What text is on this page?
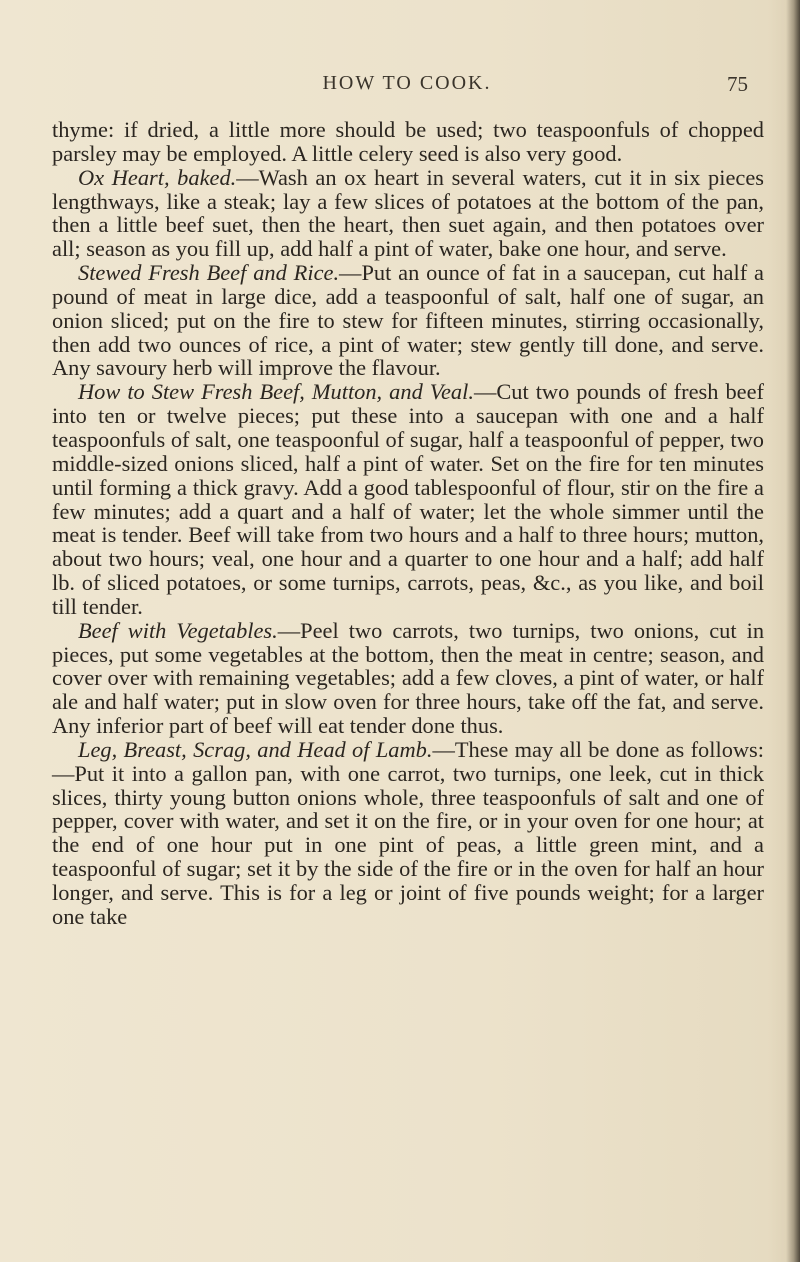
HOW TO COOK.	75

thyme: if dried, a little more should be used; two teaspoonfuls of chopped parsley may be employed. A little celery seed is also very good.

Ox Heart, baked.—Wash an ox heart in several waters, cut it in six pieces lengthways, like a steak; lay a few slices of potatoes at the bottom of the pan, then a little beef suet, then the heart, then suet again, and then potatoes over all; season as you fill up, add half a pint of water, bake one hour, and serve.

Stewed Fresh Beef and Rice.—Put an ounce of fat in a saucepan, cut half a pound of meat in large dice, add a teaspoonful of salt, half one of sugar, an onion sliced; put on the fire to stew for fifteen minutes, stirring occasionally, then add two ounces of rice, a pint of water; stew gently till done, and serve. Any savoury herb will improve the flavour.

How to Stew Fresh Beef, Mutton, and Veal.—Cut two pounds of fresh beef into ten or twelve pieces; put these into a saucepan with one and a half teaspoonfuls of salt, one teaspoonful of sugar, half a teaspoonful of pepper, two middle-sized onions sliced, half a pint of water. Set on the fire for ten minutes until forming a thick gravy. Add a good tablespoonful of flour, stir on the fire a few minutes; add a quart and a half of water; let the whole simmer until the meat is tender. Beef will take from two hours and a half to three hours; mutton, about two hours; veal, one hour and a quarter to one hour and a half; add half lb. of sliced potatoes, or some turnips, carrots, peas, &c., as you like, and boil till tender.

Beef with Vegetables.—Peel two carrots, two turnips, two onions, cut in pieces, put some vegetables at the bottom, then the meat in centre; season, and cover over with remaining vegetables; add a few cloves, a pint of water, or half ale and half water; put in slow oven for three hours, take off the fat, and serve. Any inferior part of beef will eat tender done thus.

Leg, Breast, Scrag, and Head of Lamb.—These may all be done as follows:—Put it into a gallon pan, with one carrot, two turnips, one leek, cut in thick slices, thirty young button onions whole, three teaspoonfuls of salt and one of pepper, cover with water, and set it on the fire, or in your oven for one hour; at the end of one hour put in one pint of peas, a little green mint, and a teaspoonful of sugar; set it by the side of the fire or in the oven for half an hour longer, and serve. This is for a leg or joint of five pounds weight; for a larger one take
